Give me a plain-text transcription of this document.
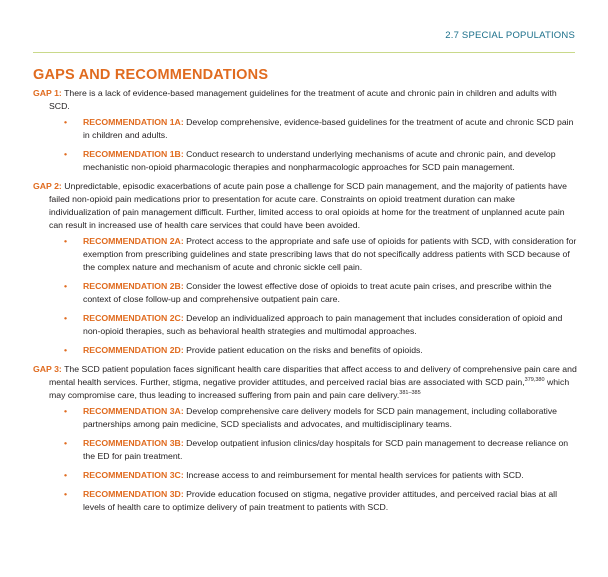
2.7 SPECIAL POPULATIONS
GAPS AND RECOMMENDATIONS
GAP 1: There is a lack of evidence-based management guidelines for the treatment of acute and chronic pain in children and adults with SCD.
• RECOMMENDATION 1A: Develop comprehensive, evidence-based guidelines for the treatment of acute and chronic SCD pain in children and adults.
• RECOMMENDATION 1B: Conduct research to understand underlying mechanisms of acute and chronic pain, and develop mechanistic non-opioid pharmacologic therapies and nonpharmacologic approaches for SCD pain management.
GAP 2: Unpredictable, episodic exacerbations of acute pain pose a challenge for SCD pain management, and the majority of patients have failed non-opioid pain medications prior to presentation for acute care. Constraints on opioid treatment duration can make individualization of pain management difficult. Further, limited access to oral opioids at home for the treatment of unplanned acute pain can result in increased use of health care services that could have been avoided.
• RECOMMENDATION 2A: Protect access to the appropriate and safe use of opioids for patients with SCD, with consideration for exemption from prescribing guidelines and state prescribing laws that do not specifically address patients with SCD because of the complex nature and mechanism of acute and chronic sickle cell pain.
• RECOMMENDATION 2B: Consider the lowest effective dose of opioids to treat acute pain crises, and prescribe within the context of close follow-up and comprehensive outpatient pain care.
• RECOMMENDATION 2C: Develop an individualized approach to pain management that includes consideration of opioid and non-opioid therapies, such as behavioral health strategies and multimodal approaches.
• RECOMMENDATION 2D: Provide patient education on the risks and benefits of opioids.
GAP 3: The SCD patient population faces significant health care disparities that affect access to and delivery of comprehensive pain care and mental health services. Further, stigma, negative provider attitudes, and perceived racial bias are associated with SCD pain,$^{379,380}$ which may compromise care, thus leading to increased suffering from pain and pain care delivery.$^{381-385}$
• RECOMMENDATION 3A: Develop comprehensive care delivery models for SCD pain management, including collaborative partnerships among pain medicine, SCD specialists and advocates, and multidisciplinary teams.
• RECOMMENDATION 3B: Develop outpatient infusion clinics/day hospitals for SCD pain management to decrease reliance on the ED for pain treatment.
• RECOMMENDATION 3C: Increase access to and reimbursement for mental health services for patients with SCD.
• RECOMMENDATION 3D: Provide education focused on stigma, negative provider attitudes, and perceived racial bias at all levels of health care to optimize delivery of pain treatment to patients with SCD.
